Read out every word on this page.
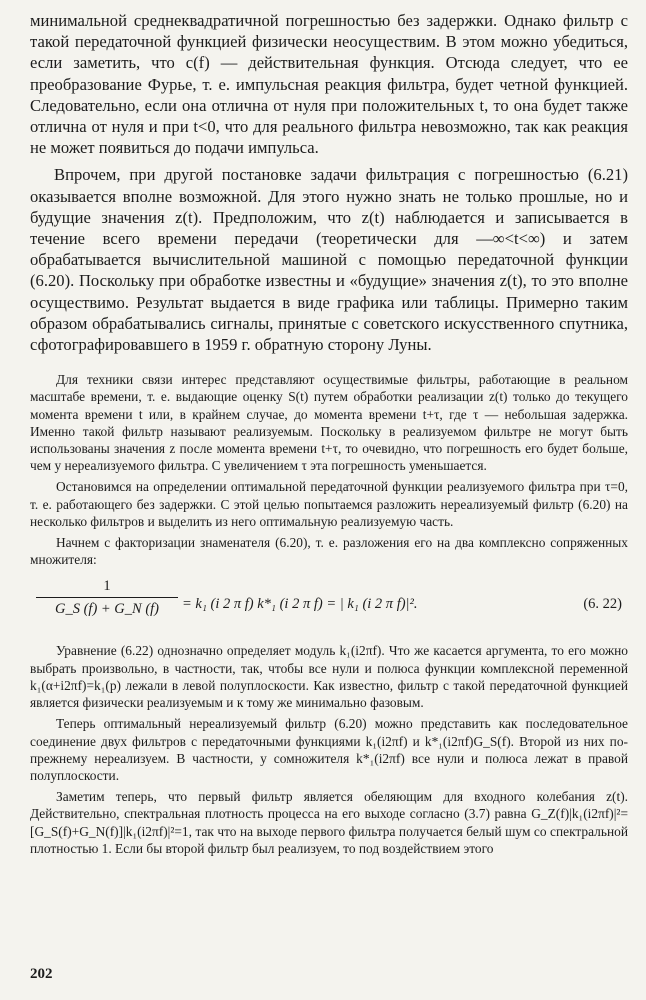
минимальной среднеквадратичной погрешностью без задержки. Однако фильтр с такой передаточной функцией физически неосуществим. В этом можно убедиться, если заметить, что c(f) — действительная функция. Отсюда следует, что ее преобразование Фурье, т. е. импульсная реакция фильтра, будет четной функцией. Следовательно, если она отлична от нуля при положительных t, то она будет также отлична от нуля и при t<0, что для реального фильтра невозможно, так как реакция не может появиться до подачи импульса.

Впрочем, при другой постановке задачи фильтрация с погрешностью (6.21) оказывается вполне возможной. Для этого нужно знать не только прошлые, но и будущие значения z(t). Предположим, что z(t) наблюдается и записывается в течение всего времени передачи (теоретически для —∞<t<∞) и затем обрабатывается вычислительной машиной с помощью передаточной функции (6.20). Поскольку при обработке известны и «будущие» значения z(t), то это вполне осуществимо. Результат выдается в виде графика или таблицы. Примерно таким образом обрабатывались сигналы, принятые с советского искусственного спутника, сфотографировавшего в 1959 г. обратную сторону Луны.

Для техники связи интерес представляют осуществимые фильтры, работающие в реальном масштабе времени, т. е. выдающие оценку S(t) путем обработки реализации z(t) только до текущего момента времени t или, в крайнем случае, до момента времени t+τ, где τ — небольшая задержка. Именно такой фильтр называют реализуемым. Поскольку в реализуемом фильтре не могут быть использованы значения z после момента времени t+τ, то очевидно, что погрешность его будет больше, чем у нереализуемого фильтра. С увеличением τ эта погрешность уменьшается.

Остановимся на определении оптимальной передаточной функции реализуемого фильтра при τ=0, т. е. работающего без задержки. С этой целью попытаемся разложить нереализуемый фильтр (6.20) на несколько фильтров и выделить из него оптимальную реализуемую часть.

Начнем с факторизации знаменателя (6.20), т. е. разложения его на два комплексно сопряженных множителя:

1
G_S (f) + G_N (f)	= k₁ (i 2 π f) k*₁ (i 2 π f) = | k₁ (i 2 π f)|².	(6. 22)

Уравнение (6.22) однозначно определяет модуль k₁(i2πf). Что же касается аргумента, то его можно выбрать произвольно, в частности, так, чтобы все нули и полюса функции комплексной переменной k₁(α+i2πf)=k₁(p) лежали в левой полуплоскости. Как известно, фильтр с такой передаточной функцией является физически реализуемым и к тому же минимально фазовым.

Теперь оптимальный нереализуемый фильтр (6.20) можно представить как последовательное соединение двух фильтров с передаточными функциями k₁(i2πf) и k*₁(i2πf)G_S(f). Второй из них по-прежнему нереализуем. В частности, у сомножителя k*₁(i2πf) все нули и полюса лежат в правой полуплоскости.

Заметим теперь, что первый фильтр является обеляющим для входного колебания z(t). Действительно, спектральная плотность процесса на его выходе согласно (3.7) равна G_Z(f)|k₁(i2πf)|²=[G_S(f)+G_N(f)]|k₁(i2πf)|²=1, так что на выходе первого фильтра получается белый шум со спектральной плотностью 1. Если бы второй фильтр был реализуем, то под воздействием этого

202
